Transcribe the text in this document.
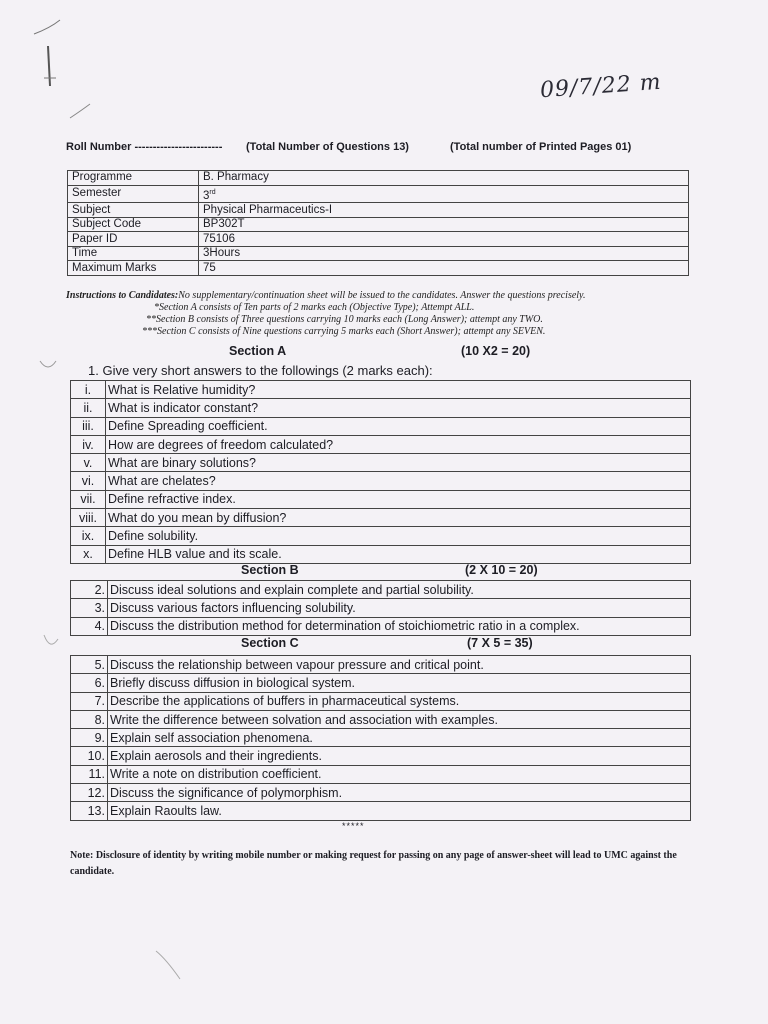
09/7/22 m
Roll Number ------------------------ (Total Number of Questions 13)	(Total number of Printed Pages 01)
Programme	B. Pharmacy
Semester	3rd
Subject	Physical Pharmaceutics-I
Subject Code	BP302T
Paper ID	75106
Time	3Hours
Maximum Marks	75
Instructions to Candidates:No supplementary/continuation sheet will be issued to the candidates. Answer the questions precisely.
*Section A consists of Ten parts of 2 marks each (Objective Type); Attempt ALL.
**Section B consists of Three questions carrying 10 marks each (Long Answer); attempt any TWO.
***Section C consists of Nine questions carrying 5 marks each (Short Answer); attempt any SEVEN.
Section A	(10 X2 = 20)
1. Give very short answers to the followings (2 marks each):
i.	What is Relative humidity?
ii.	What is indicator constant?
iii.	Define Spreading coefficient.
iv.	How are degrees of freedom calculated?
v.	What are binary solutions?
vi.	What are chelates?
vii.	Define refractive index.
viii.	What do you mean by diffusion?
ix.	Define solubility.
x.	Define HLB value and its scale.
Section B	(2 X 10 = 20)
2.	Discuss ideal solutions and explain complete and partial solubility.
3.	Discuss various factors influencing solubility.
4.	Discuss the distribution method for determination of stoichiometric ratio in a complex.
Section C	(7 X 5 = 35)
5.	Discuss the relationship between vapour pressure and critical point.
6.	Briefly discuss diffusion in biological system.
7.	Describe the applications of buffers in pharmaceutical systems.
8.	Write the difference between solvation and association with examples.
9.	Explain self association phenomena.
10.	Explain aerosols and their ingredients.
11.	Write a note on distribution coefficient.
12.	Discuss the significance of polymorphism.
13.	Explain Raoults law.
*****
Note: Disclosure of identity by writing mobile number or making request for passing on any page of answer-sheet will lead to UMC against the candidate.
